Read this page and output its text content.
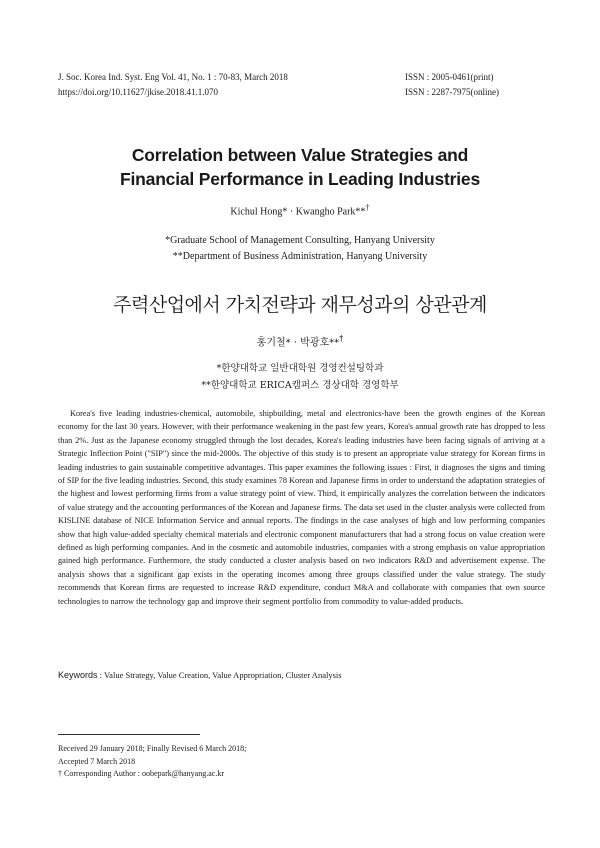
J. Soc. Korea Ind. Syst. Eng Vol. 41, No. 1 : 70-83, March 2018
https://doi.org/10.11627/jkise.2018.41.1.070
ISSN : 2005-0461(print)
ISSN : 2287-7975(online)
Correlation between Value Strategies and
Financial Performance in Leading Industries
Kichul Hong* · Kwangho Park**†
*Graduate School of Management Consulting, Hanyang University
**Department of Business Administration, Hanyang University
주력산업에서 가치전략과 재무성과의 상관관계
홍기철* · 박광호**†
*한양대학교 일반대학원 경영컨설팅학과
**한양대학교 ERICA캠퍼스 경상대학 경영학부

Korea's five leading industries-chemical, automobile, shipbuilding, metal and electronics-have been the growth engines of the Korean economy for the last 30 years. However, with their performance weakening in the past few years, Korea's annual growth rate has dropped to less than 2%. Just as the Japanese economy struggled through the lost decades, Korea's leading industries have been facing signals of arriving at a Strategic Inflection Point ("SIP") since the mid-2000s. The objective of this study is to present an appropriate value strategy for Korean firms in leading industries to gain sustainable competitive advantages. This paper examines the following issues : First, it diagnoses the signs and timing of SIP for the five leading industries. Second, this study examines 78 Korean and Japanese firms in order to understand the adaptation strategies of the highest and lowest performing firms from a value strategy point of view. Third, it empirically analyzes the correlation between the indicators of value strategy and the accounting performances of the Korean and Japanese firms. The data set used in the cluster analysis were collected from KISLINE database of NICE Information Service and annual reports. The findings in the case analyses of high and low performing companies show that high value-added specialty chemical materials and electronic component manufacturers that had a strong focus on value creation were defined as high performing companies. And in the cosmetic and automobile industries, companies with a strong emphasis on value appropriation gained high performance. Furthermore, the study conducted a cluster analysis based on two indicators R&D and advertisement expense. The analysis shows that a significant gap exists in the operating incomes among three groups classified under the value strategy. The study recommends that Korean firms are requested to increase R&D expenditure, conduct M&A and collaborate with companies that own source technologies to narrow the technology gap and improve their segment portfolio from commodity to value-added products.

Keywords : Value Strategy, Value Creation, Value Appropriation, Cluster Analysis
Received 29 January 2018; Finally Revised 6 March 2018;
Accepted 7 March 2018
† Corresponding Author : oobepark@hanyang.ac.kr
